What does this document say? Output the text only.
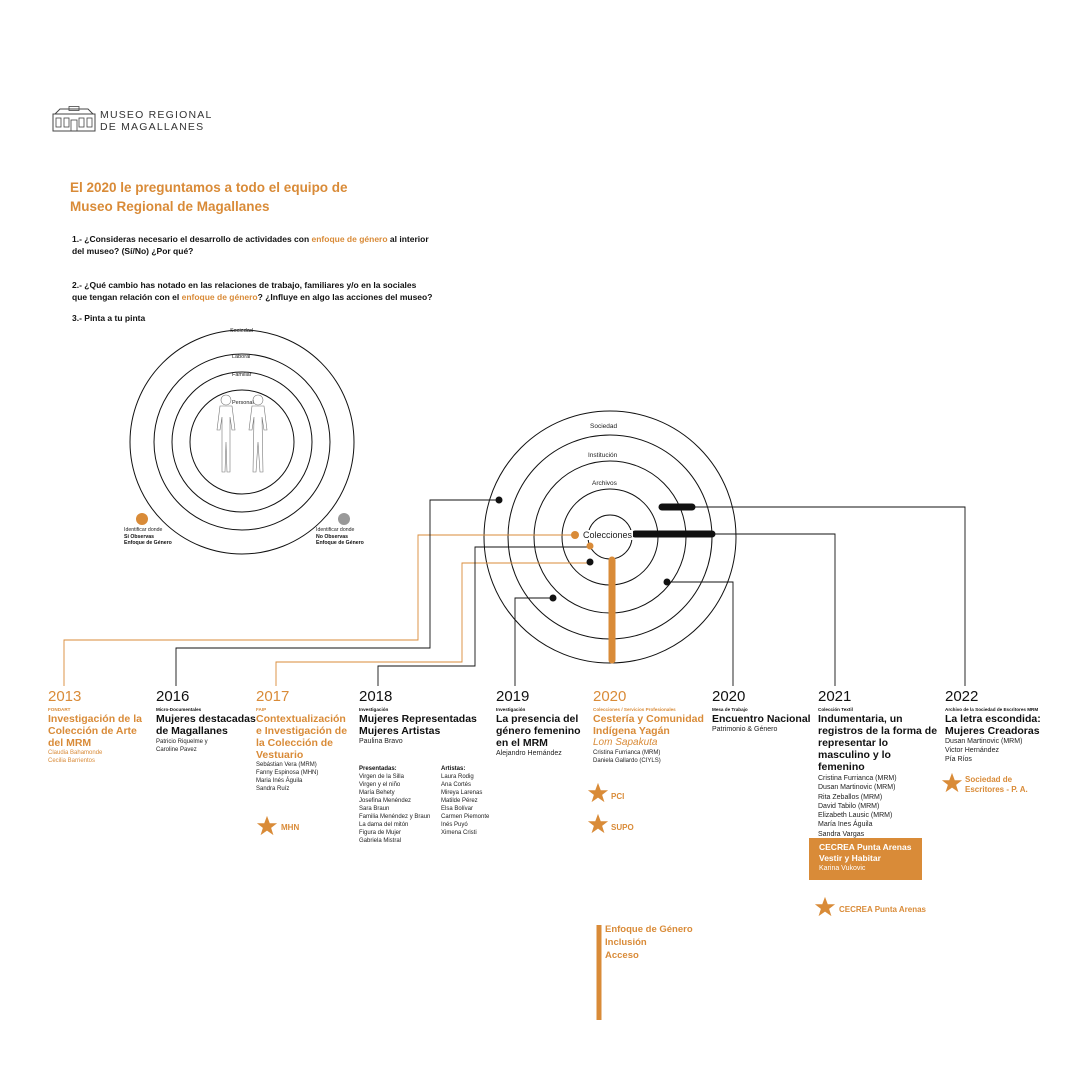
MUSEO REGIONAL
DE MAGALLANES
El 2020 le preguntamos a todo el equipo de
Museo Regional de Magallanes
1.- ¿Consideras necesario el desarrollo de actividades con enfoque de género al interior
del museo? (Sí/No) ¿Por qué?
2.- ¿Qué cambio has notado en las relaciones de trabajo, familiares y/o en la sociales
que tengan relación con el enfoque de género? ¿Influye en algo las acciones del museo?
3.- Pinta a tu pinta
Sociedad
Laboral
Familiar
Personal
Identificar donde
Si Observas
Enfoque de Género
Identificar donde
No Observas
Enfoque de Género
Sociedad
Institución
Archivos
Colecciones
2013
FONDART
Investigación de la Colección de Arte del MRM
Claudia Bahamonde
Cecilia Barrientos
2016
Micro-Documentales
Mujeres destacadas de Magallanes
Patricio Riquelme y
Caroline Pavez
2017
FAIP
Contextualización e Investigación de la Colección de Vestuario
Sebástian Vera (MRM)
Fanny Espinosa (MHN)
Maria Inés Águila
Sandra Ruíz
MHN
2018
Investigación
Mujeres Representadas Mujeres Artistas
Paulina Bravo
Presentadas:
Virgen de la Silla
Virgen y el niño
María Behety
Josefina Menéndez
Sara Braun
Familia Menéndez y Braun
La dama del mitón
Figura de Mujer
Gabriela Mistral
Artistas:
Laura Rodig
Ana Cortés
Mireya Larenas
Matilde Pérez
Elsa Bolívar
Carmen Piemonte
Inés Puyó
Ximena Cristi
2019
Investigación
La presencia del género femenino en el MRM
Alejandro Hernández
2020
Colecciones / Servicios Profesionales
Cestería y Comunidad Indígena Yagán
Lom Sapakuta
Cristina Furrianca (MRM)
Daniela Gallardo (CIYLS)
PCI
SUPO
2020
Mesa de Trabajo
Encuentro Nacional
Patrimonio & Género
2021
Colección Textil
Indumentaria, un registros de la forma de representar lo masculino y lo femenino
Cristina Furrianca (MRM)
Dusan Martinovic (MRM)
Rita Zeballos (MRM)
David Tabilo (MRM)
Elizabeth Lausic (MRM)
María Ines Águila
Sandra Vargas
CECREA Punta Arenas
Vestir y Habitar
Karina Vukovic
CECREA Punta Arenas
2022
Archivo de la Sociedad de Escritores MRM
La letra escondida: Mujeres Creadoras
Dusan Martinovic (MRM)
Victor Hernández
Pía Ríos
Sociedad de
Escritores - P. A.
Enfoque de Género
Inclusión
Acceso
